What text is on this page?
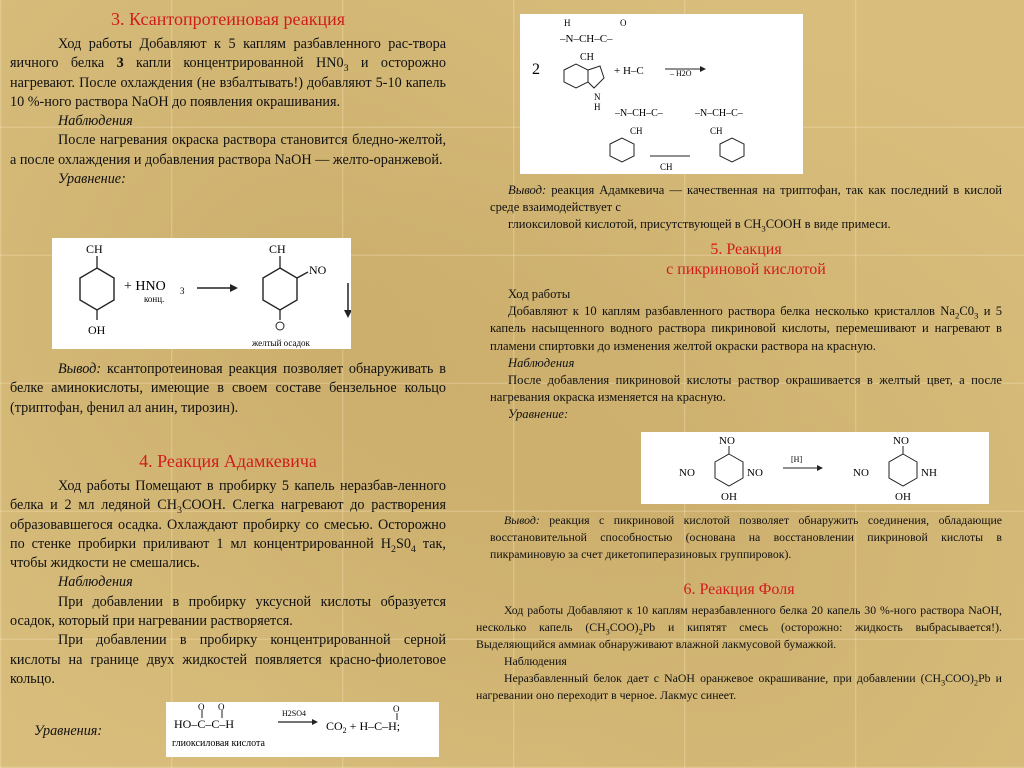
3. Ксантопротеиновая реакция

Ход работы Добавляют к 5 каплям разбавленного рас-твора яичного белка 3 капли концентрированной $HN0_3$ и осторожно нагревают. После охлаждения (не взбалтывать!) добавляют 5-10 капель 10 %-ного раствора NaOH до появления окрашивания.

Наблюдения

После нагревания окраска раствора становится бледно-желтой, а после охлаждения и добавления раствора NaOH — желто-оранжевой.

Уравнение:

CH
OH
+ HNO 3
конц.
CH
NO
желтый осадок

Вывод: ксантопротеиновая реакция позволяет обнаруживать в белке аминокислоты, имеющие в своем составе бензельное кольцо (триптофан, фенил ал анин, тирозин).

4. Реакция Адамкевича

Ход работы Помещают в пробирку 5 капель неразбав-ленного белка и 2 мл ледяной $CH_3COOH$. Слегка нагревают до растворения образовавшегося осадка. Охлаждают пробирку со смесью. Осторожно по стенке пробирки приливают 1 мл концентрированной $H_2S0_4$ так, чтобы жидкости не смешались.

Наблюдения

При добавлении в пробирку уксусной кислоты образуется осадок, который при нагревании растворяется.

При добавлении в пробирку концентрированной серной кислоты на границе двух жидкостей появляется красно-фиолетовое кольцо.

Уравнения:	HO–C–C–H
O O
глиоксиловая кислота
H2SO4
$CO_2 + H-C-H$;
O
2
–N–CH–C–
H	O
CH
N
H
+ H–C	– H2O
–N–CH–C–	–N–CH–C–
CH	CH
CH

Вывод: реакция Адамкевича — качественная на триптофан, так как последний в кислой среде взаимодействует с

глиоксиловой кислотой, присутствующей в $CH_3COOH$ в виде примеси.

5. Реакция
с пикриновой кислотой

Ход работы

Добавляют к 10 каплям разбавленного раствора белка несколько кристаллов $Na_2C0_3$ и 5 капель насыщенного водного раствора пикриновой кислоты, перемешивают и нагревают в пламени спиртовки до изменения желтой окраски раствора на красную.

Наблюдения

После добавления пикриновой кислоты раствор окрашивается в желтый цвет, а после нагревания окраска изменяется на красную.

Уравнение:

NO
NO	NO
OH
[H]
NO
NO	NH
OH

Вывод: реакция с пикриновой кислотой позволяет обнаружить соединения, обладающие восстановительной способностью (основана на восстановлении пикриновой кислоты в пикраминовую за счет дикетопиперазиновых группировок).

6. Реакция Фоля

Ход работы Добавляют к 10 каплям неразбавленного белка 20 капель 30 %-ного раствора NaOH, несколько капель $(CH_3COO)_2Pb$ и кипятят смесь (осторожно: жидкость выбрасывается!). Выделяющийся аммиак обнаруживают влажной лакмусовой бумажкой.

Наблюдения

Неразбавленный белок дает с NaOH оранжевое окрашивание, при добавлении $(CH_3COO)_2Pb$ и нагревании оно переходит в черное. Лакмус синеет.
